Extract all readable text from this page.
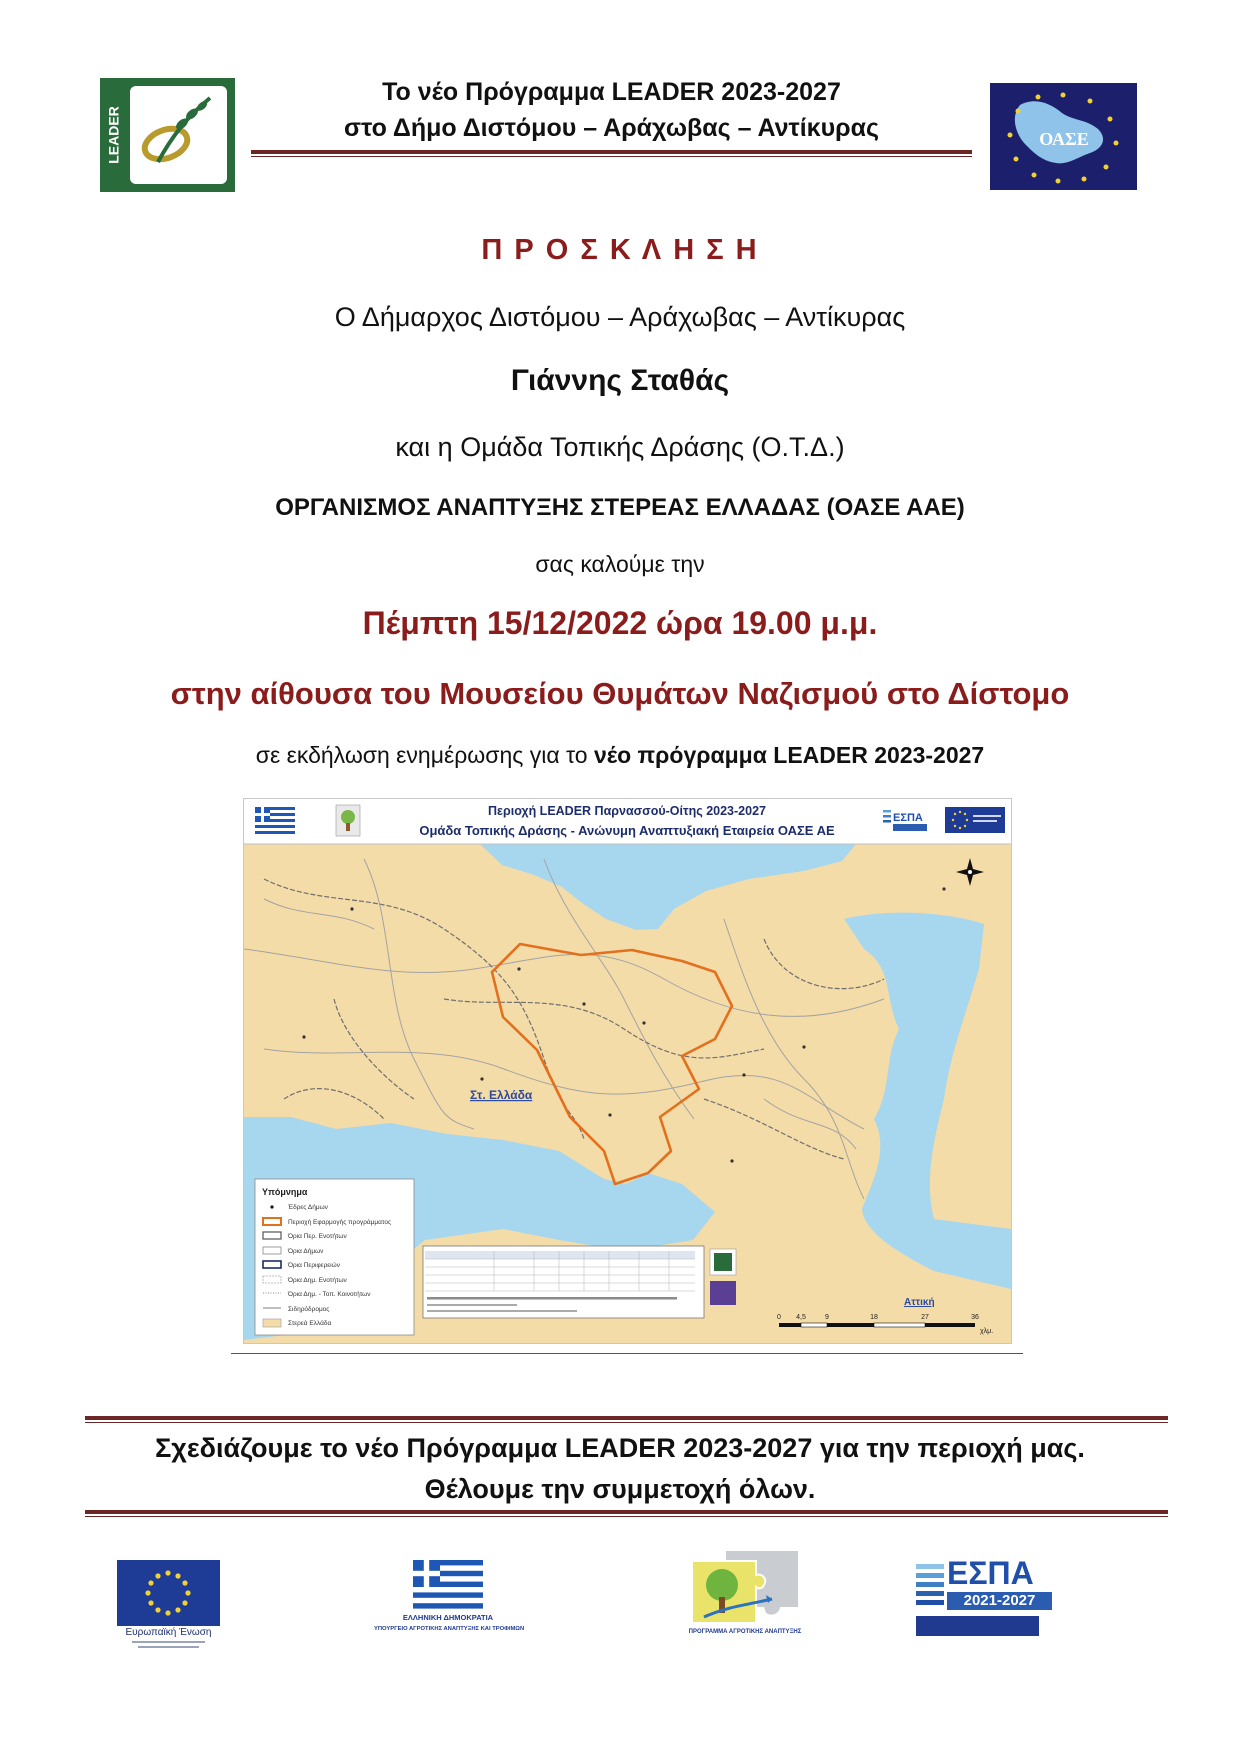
LEADER
Το νέο Πρόγραμμα LEADER 2023-2027
στο Δήμο Διστόμου – Αράχωβας – Αντίκυρας	ΟΑΣΕ
Π Ρ Ο Σ Κ Λ Η Σ Η
Ο Δήμαρχος Διστόμου – Αράχωβας – Αντίκυρας
Γιάννης Σταθάς
και η Ομάδα Τοπικής Δράσης (Ο.Τ.Δ.)
ΟΡΓΑΝΙΣΜΟΣ ΑΝΑΠΤΥΞΗΣ ΣΤΕΡΕΑΣ ΕΛΛΑΔΑΣ (ΟΑΣΕ ΑΑΕ)
σας καλούμε την
Πέμπτη 15/12/2022 ώρα 19.00 μ.μ.
στην αίθουσα του Μουσείου Θυμάτων Ναζισμού στο Δίστομο
σε εκδήλωση ενημέρωσης για το νέο πρόγραμμα LEADER 2023-2027
Στ. Ελλάδα
Αττική
Περιοχή LEADER Παρνασσού-Οίτης 2023-2027
Ομάδα Τοπικής Δράσης - Ανώνυμη Αναπτυξιακή Εταιρεία ΟΑΣΕ ΑΕ
ΕΣΠΑ
Υπόμνημα
Έδρες Δήμων
Περιοχή Εφαρμογής προγράμματος
Όρια Περ. Ενοτήτων
Όρια Δήμων
Όρια Περιφερειών
Όρια Δημ. Ενοτήτων
Όρια Δημ. - Τοπ. Κοινοτήτων
Σιδηρόδρομος
Στερεά Ελλάδα
0 4,5	9	18	27	36
χλμ.
Σχεδιάζουμε το νέο Πρόγραμμα LEADER 2023-2027 για την περιοχή μας.
Θέλουμε την συμμετοχή όλων.
Ευρωπαϊκή Ένωση
ΕΛΛΗΝΙΚΗ ΔΗΜΟΚΡΑΤΙΑ
ΥΠΟΥΡΓΕΙΟ ΑΓΡΟΤΙΚΗΣ ΑΝΑΠΤΥΞΗΣ ΚΑΙ ΤΡΟΦΙΜΩΝ	ΠΡΟΓΡΑΜΜΑ ΑΓΡΟΤΙΚΗΣ ΑΝΑΠΤΥΞΗΣ
ΕΣΠΑ
2021-2027
